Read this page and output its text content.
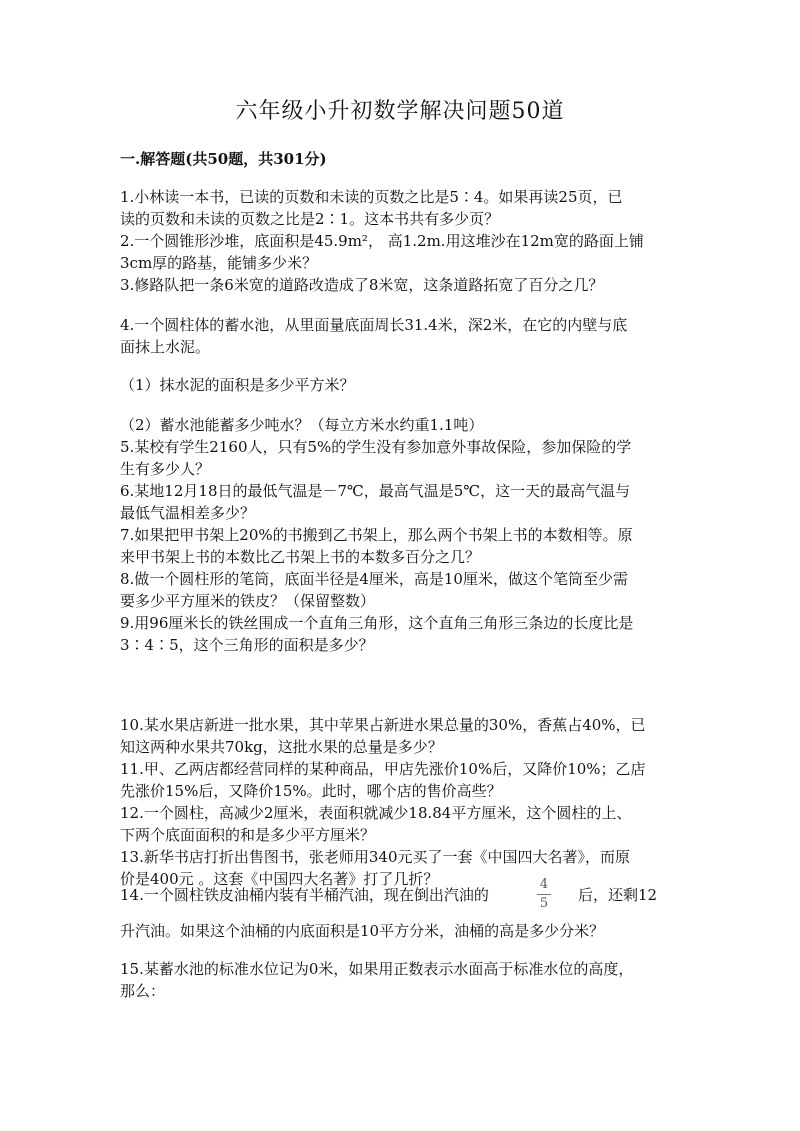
六年级小升初数学解决问题50道
一.解答题(共50题，共301分)
1.小林读一本书，已读的页数和未读的页数之比是5∶4。如果再读25页，已
读的页数和未读的页数之比是2∶1。这本书共有多少页？
2.一个圆锥形沙堆，底面积是45.9m²， 高1.2m.用这堆沙在12m宽的路面上铺
3cm厚的路基，能铺多少米？
3.修路队把一条6米宽的道路改造成了8米宽，这条道路拓宽了百分之几？
4.一个圆柱体的蓄水池，从里面量底面周长31.4米，深2米，在它的内壁与底
面抹上水泥。
（1）抹水泥的面积是多少平方米？
（2）蓄水池能蓄多少吨水？（每立方米水约重1.1吨）
5.某校有学生2160人，只有5%的学生没有参加意外事故保险，参加保险的学
生有多少人？
6.某地12月18日的最低气温是－7℃，最高气温是5℃，这一天的最高气温与
最低气温相差多少？
7.如果把甲书架上20%的书搬到乙书架上，那么两个书架上书的本数相等。原
来甲书架上书的本数比乙书架上书的本数多百分之几？
8.做一个圆柱形的笔筒，底面半径是4厘米，高是10厘米，做这个笔筒至少需
要多少平方厘米的铁皮？（保留整数）
9.用96厘米长的铁丝围成一个直角三角形，这个直角三角形三条边的长度比是
3∶4∶5，这个三角形的面积是多少？
10.某水果店新进一批水果，其中苹果占新进水果总量的30%，香蕉占40%，已
知这两种水果共70kg，这批水果的总量是多少？
11.甲、乙两店都经营同样的某种商品，甲店先涨价10%后，又降价10%；乙店
先涨价15%后，又降价15%。此时，哪个店的售价高些？
12.一个圆柱，高减少2厘米，表面积就减少18.84平方厘米，这个圆柱的上、
下两个底面面积的和是多少平方厘米？
13.新华书店打折出售图书，张老师用340元买了一套《中国四大名著》，而原
价是400元 。这套《中国四大名著》打了几折？
14.一个圆柱铁皮油桶内装有半桶汽油，现在倒出汽油的
4
5 后，还剩12
升汽油。如果这个油桶的内底面积是10平方分米，油桶的高是多少分米？
15.某蓄水池的标准水位记为0米，如果用正数表示水面高于标准水位的高度，
那么：
